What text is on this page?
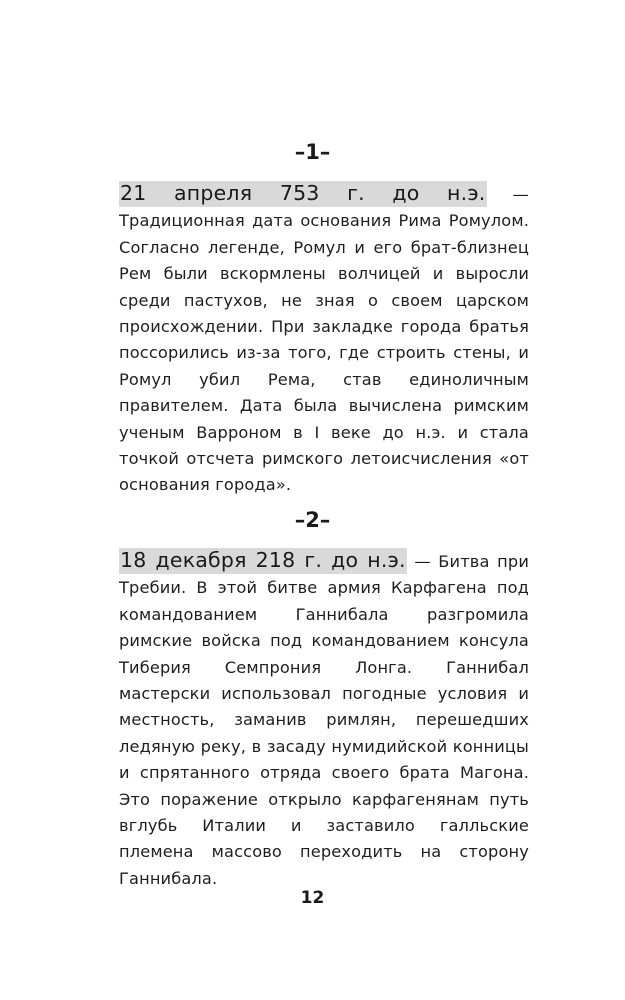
–1–

21 апреля 753 г. до н.э. — Традиционная дата основания Рима Ромулом. Согласно легенде, Ромул и его брат-близнец Рем были вскормлены волчицей и выросли среди пастухов, не зная о своем царском происхождении. При закладке города братья поссорились из-за того, где строить стены, и Ромул убил Рема, став единоличным правителем. Дата была вычислена римским ученым Варроном в I веке до н.э. и стала точкой отсчета римского летоисчисления «от основания города».

–2–

18 декабря 218 г. до н.э. — Битва при Требии. В этой битве армия Карфагена под командованием Ганнибала разгромила римские войска под командованием консула Тиберия Семпрония Лонга. Ганнибал мастерски использовал погодные условия и местность, заманив римлян, перешедших ледяную реку, в засаду нумидийской конницы и спрятанного отряда своего брата Магона. Это поражение открыло карфагенянам путь вглубь Италии и заставило галльские племена массово переходить на сторону Ганнибала.

12
